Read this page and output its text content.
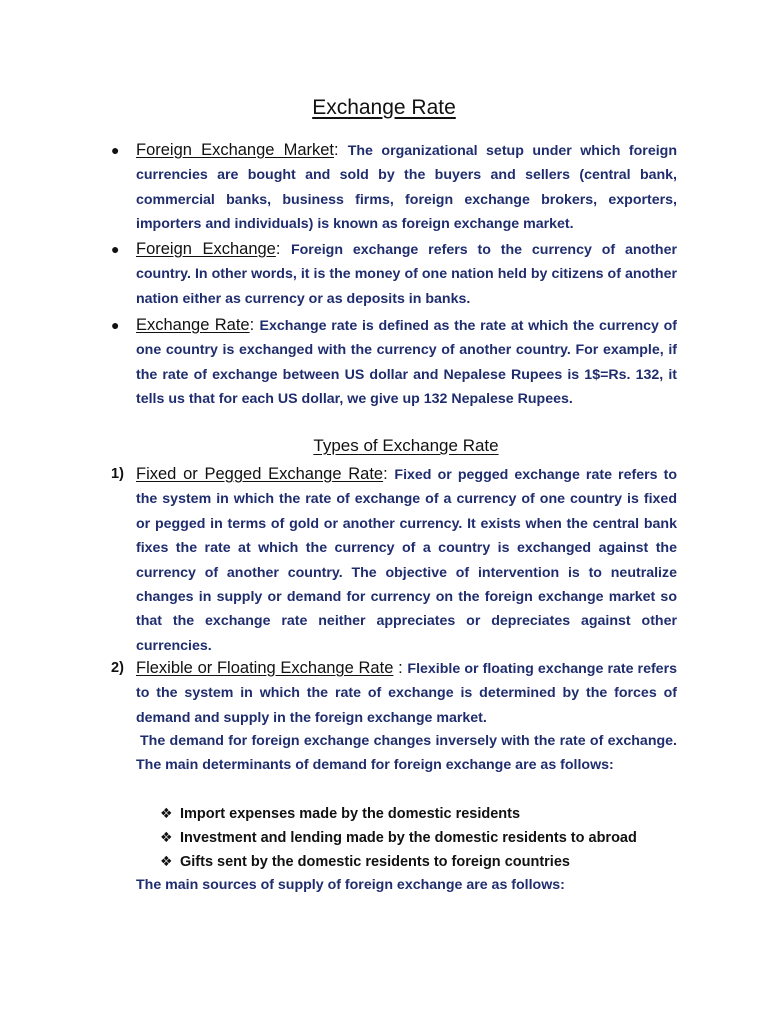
Exchange Rate
● Foreign Exchange Market: The organizational setup under which foreign currencies are bought and sold by the buyers and sellers (central bank, commercial banks, business firms, foreign exchange brokers, exporters, importers and individuals) is known as foreign exchange market.
● Foreign Exchange: Foreign exchange refers to the currency of another country. In other words, it is the money of one nation held by citizens of another nation either as currency or as deposits in banks.
● Exchange Rate: Exchange rate is defined as the rate at which the currency of one country is exchanged with the currency of another country. For example, if the rate of exchange between US dollar and Nepalese Rupees is 1$=Rs. 132, it tells us that for each US dollar, we give up 132 Nepalese Rupees.
Types of Exchange Rate
1) Fixed or Pegged Exchange Rate: Fixed or pegged exchange rate refers to the system in which the rate of exchange of a currency of one country is fixed or pegged in terms of gold or another currency. It exists when the central bank fixes the rate at which the currency of a country is exchanged against the currency of another country. The objective of intervention is to neutralize changes in supply or demand for currency on the foreign exchange market so that the exchange rate neither appreciates or depreciates against other currencies.
2) Flexible or Floating Exchange Rate : Flexible or floating exchange rate refers to the system in which the rate of exchange is determined by the forces of demand and supply in the foreign exchange market.
The demand for foreign exchange changes inversely with the rate of exchange. The main determinants of demand for foreign exchange are as follows:
❖ Import expenses made by the domestic residents
❖ Investment and lending made by the domestic residents to abroad
❖ Gifts sent by the domestic residents to foreign countries
The main sources of supply of foreign exchange are as follows:
